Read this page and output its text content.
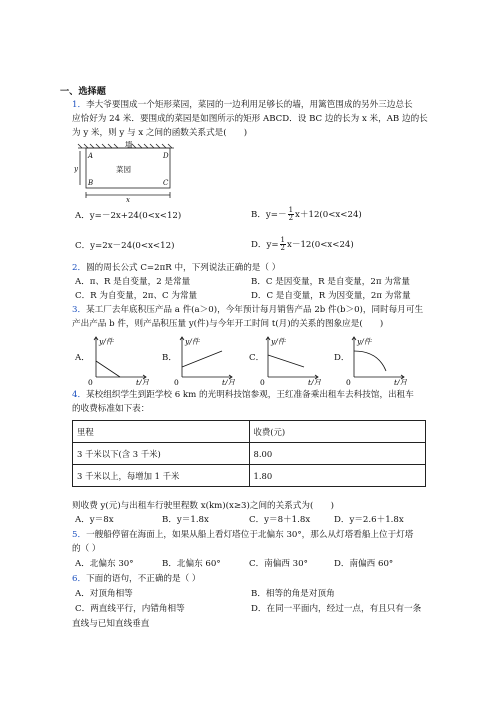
一、选择题
1．李大爷要围成一个矩形菜园，菜园的一边利用足够长的墙，用篱笆围成的另外三边总长
应恰好为 24 米．要围成的菜园是如图所示的矩形 ABCD．设 BC 边的长为 x 米，AB 边的长
为 y 米，则 y 与 x 之间的函数关系式是(　　)
墙
A	D
B	C
菜园
y
x
A．y=－2x+24(0<x<12)	B．$y=- \frac{1}{2} x+12(0<x<24)$
C．y=2x－24(0<x<12)	D．$y= \frac{1}{2} x-12(0<x<24)$
2．圆的周长公式 C=2πR 中，下列说法正确的是（ ）
A．π、R 是自变量，2 是常量	B．C 是因变量，R 是自变量，2π 为常量
C．R 为自变量，2π、C 为常量	D．C 是自变量，R 为因变量，2π 为常量
3．某工厂去年底积压产品 a 件(a＞0)，今年预计每月销售产品 2b 件(b＞0)，同时每月可生
产出产品 b 件，则产品积压量 y(件)与今年开工时间 t(月)的关系的图象应是(　　)
A．	B．	C．	D．
y/件
t/月
0
y/件
t/月
0
y/件
t/月
0
y/件
t/月
0
4．某校组织学生到距学校 6 km 的光明科技馆参观，王红准备乘出租车去科技馆，出租车
的收费标准如下表：
里程	收费(元)
3 千米以下(含 3 千米)	8.00
3 千米以上，每增加 1 千米	1.80
则收费 y(元)与出租车行驶里程数 x(km)(x≥3)之间的关系式为(　　)
A．y＝8x	B．y＝1.8x	C．y＝8＋1.8x	D．y＝2.6＋1.8x
5．一艘船停留在海面上，如果从船上看灯塔位于北偏东 30°，那么从灯塔看船上位于灯塔
的（ ）
A．北偏东 30°	B．北偏东 60°	C．南偏西 30°	D．南偏西 60°
6．下面的语句，不正确的是（ ）
A．对顶角相等	B．相等的角是对顶角
C．两直线平行，内错角相等	D．在同一平面内，经过一点，有且只有一条
直线与已知直线垂直
